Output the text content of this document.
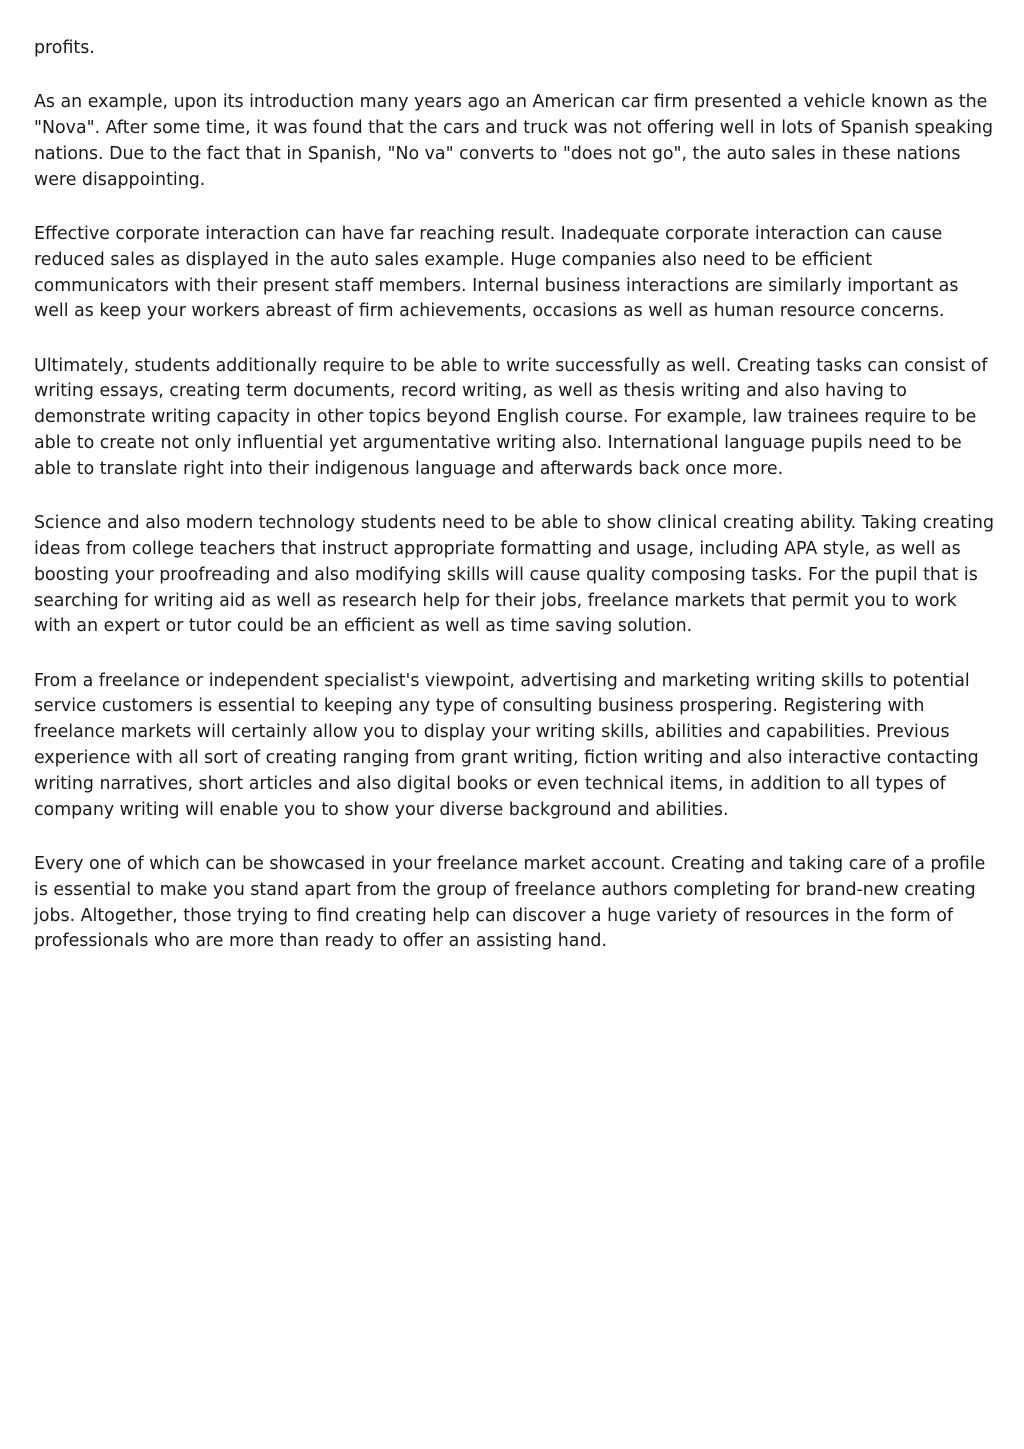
profits.

As an example, upon its introduction many years ago an American car firm presented a vehicle known as the "Nova". After some time, it was found that the cars and truck was not offering well in lots of Spanish speaking nations. Due to the fact that in Spanish, "No va" converts to "does not go", the auto sales in these nations were disappointing.

Effective corporate interaction can have far reaching result. Inadequate corporate interaction can cause reduced sales as displayed in the auto sales example. Huge companies also need to be efficient communicators with their present staff members. Internal business interactions are similarly important as well as keep your workers abreast of firm achievements, occasions as well as human resource concerns.

Ultimately, students additionally require to be able to write successfully as well. Creating tasks can consist of writing essays, creating term documents, record writing, as well as thesis writing and also having to demonstrate writing capacity in other topics beyond English course. For example, law trainees require to be able to create not only influential yet argumentative writing also. International language pupils need to be able to translate right into their indigenous language and afterwards back once more.

Science and also modern technology students need to be able to show clinical creating ability. Taking creating ideas from college teachers that instruct appropriate formatting and usage, including APA style, as well as boosting your proofreading and also modifying skills will cause quality composing tasks. For the pupil that is searching for writing aid as well as research help for their jobs, freelance markets that permit you to work with an expert or tutor could be an efficient as well as time saving solution.

From a freelance or independent specialist's viewpoint, advertising and marketing writing skills to potential service customers is essential to keeping any type of consulting business prospering. Registering with freelance markets will certainly allow you to display your writing skills, abilities and capabilities. Previous experience with all sort of creating ranging from grant writing, fiction writing and also interactive contacting writing narratives, short articles and also digital books or even technical items, in addition to all types of company writing will enable you to show your diverse background and abilities.

Every one of which can be showcased in your freelance market account. Creating and taking care of a profile is essential to make you stand apart from the group of freelance authors completing for brand-new creating jobs. Altogether, those trying to find creating help can discover a huge variety of resources in the form of professionals who are more than ready to offer an assisting hand.
